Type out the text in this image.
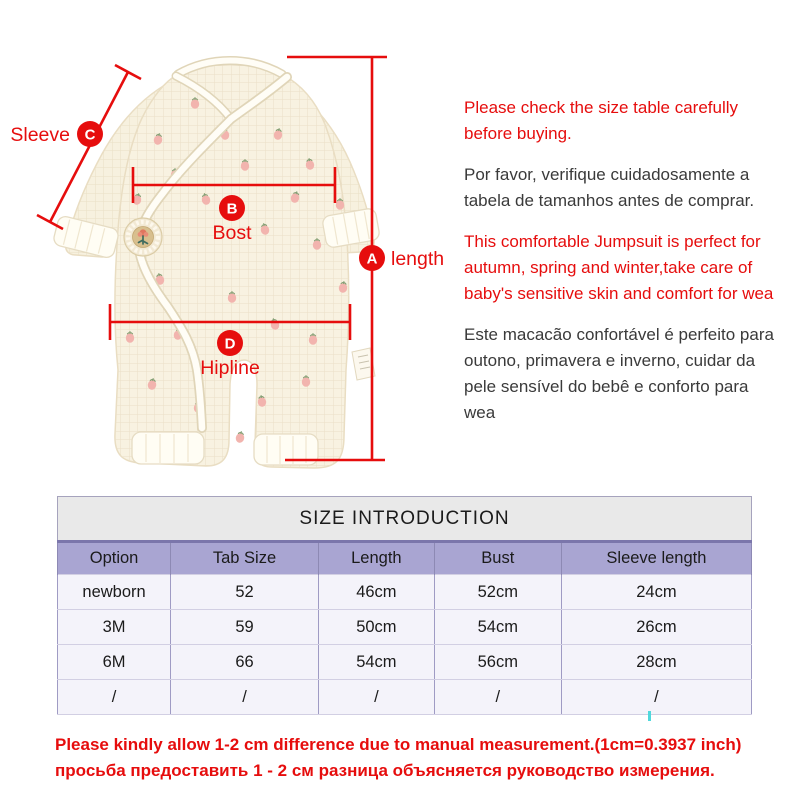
C
Sleeve
B
Bost
A length
D
Hipline

Please check the size table carefully before buying.

Por favor, verifique cuidadosamente a tabela de tamanhos antes de comprar.

This comfortable Jumpsuit is perfect for autumn, spring and winter,take care of baby's sensitive skin and comfort for wea

Este macacão confortável é perfeito para outono, primavera e inverno, cuidar da pele sensível do bebê e conforto para wea

SIZE INTRODUCTION				
Option	Tab Size	Length	Bust	Sleeve length
newborn	52	46cm	52cm	24cm
3M	59	50cm	54cm	26cm
6M	66	54cm	56cm	28cm
/	/	/	/	/
Please kindly allow 1-2 cm difference due to manual measurement.(1cm=0.3937 inch)
просьба предоставить 1 - 2 см разница объясняется руководство измерения.
